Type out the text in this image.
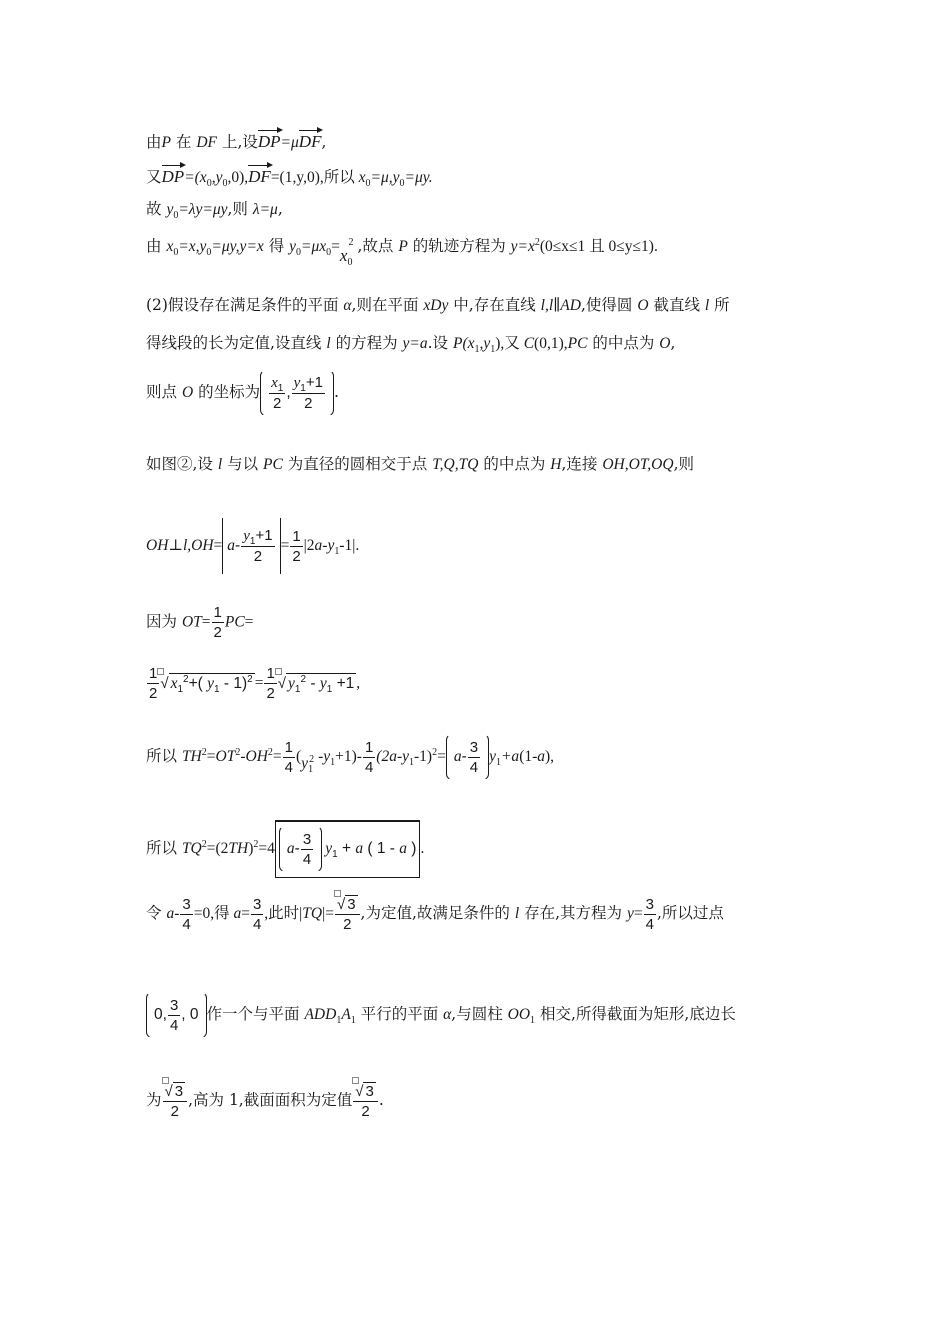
由P 在 DF 上,设DP=μDF,
又$DP=(x_0,y_0,0),DF=(1,y,0)$,所以 $x_0=\mu,y_0=\mu y$.
故 $y_0=\lambda y=\mu y$,则 λ=μ,
由 $x_0=x,y_0=\mu y,y=x$ 得 $y_0=\mu x_0=x_0^2$ ,故点 P 的轨迹方程为 $y=x^2(0\le x\le 1$ 且 0≤y≤1).
(2)假设存在满足条件的平面 α,则在平面 xDy 中,存在直线 l,l∥AD,使得圆 O 截直线 l 所
得线段的长为定值,设直线 l 的方程为 y=a.设 $P(x_1,y_1)$,又 C(0,1),PC 的中点为 O,
则点 O 的坐标为 $\frac{x_1}{2}$ , $\frac{y_1+1}{2}$ .
如图②,设 l 与以 PC 为直径的圆相交于点 T,Q,TQ 的中点为 H,连接 OH,OT,OQ,则
OH⊥l,OH= $a - \frac{y_1+1}{2} = \frac{1}{2} |2a-y_1-1|$.
因为 $OT= \frac{1}{2} PC=$
$\frac{1}{2}$ √ $x_1^2+$( $y_1 - 1)^2 = \frac{1}{2}$ √ $y_1^2 - y_1 +1$ ,
所以 $TH^2=OT^2-OH^2= \frac{1}{4} (y_1^2$ $-y_1+1)- \frac{1}{4} (2a-y_1-1)^2= a - \frac{3}{4} y_1+a(1-a)$,
所以 $TQ^2=(2TH)^2=4$ $a - \frac{3}{4} y_1 + a$ ( 1 - a ) .
令 $a- \frac{3}{4} =0$,得 $a= \frac{3}{4}$ ,此时$|TQ|= \frac{√ 3}{2}$ ,为定值,故满足条件的 l 存在,其方程为 $y= \frac{3}{4}$ ,所以过点
0 , $\frac{3}{4}$ , 0 作一个与平面 $ADD_1A_1$ 平行的平面 α,与圆柱 $OO_1$ 相交,所得截面为矩形,底边长
为 $\frac{√ 3}{2}$ ,高为 1,截面面积为定值 $\frac{√ 3}{2}$ .
